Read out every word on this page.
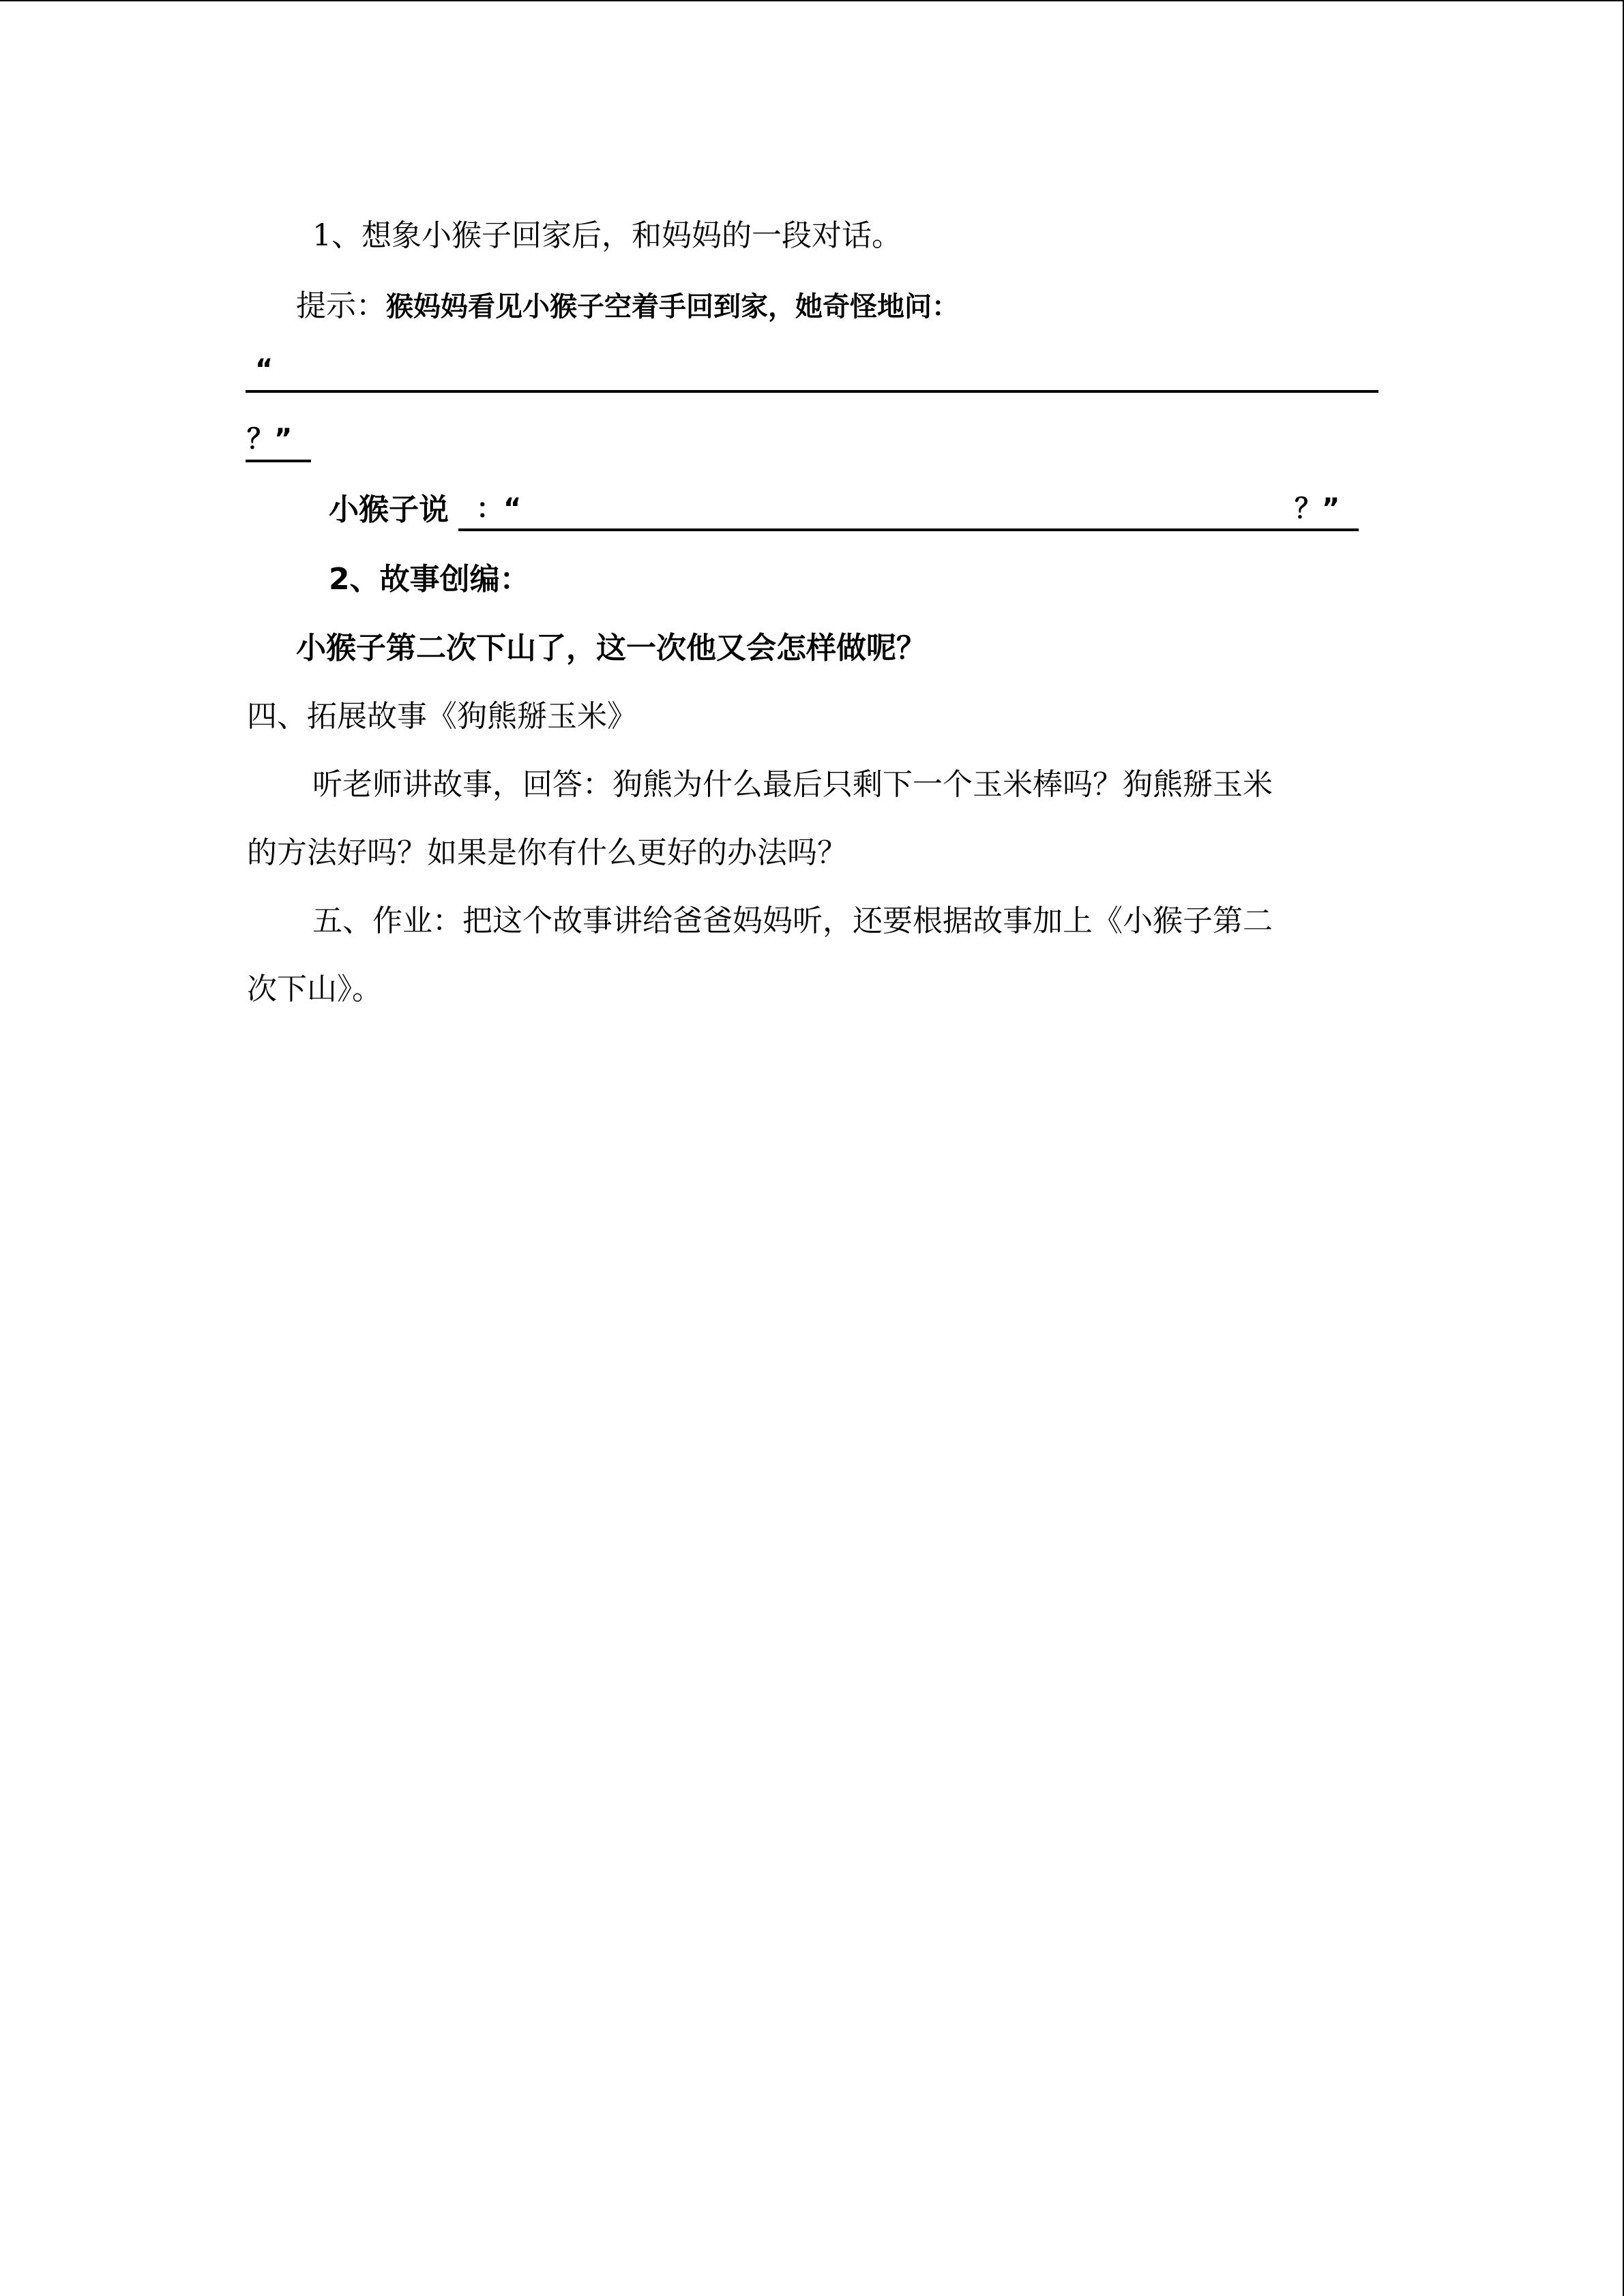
1、想象小猴子回家后，和妈妈的一段对话。
提示：猴妈妈看见小猴子空着手回到家，她奇怪地问：
“
？”
小猴子说 ：“	？”
2、故事创编：
小猴子第二次下山了，这一次他又会怎样做呢？
四、拓展故事《狗熊掰玉米》
听老师讲故事，回答：狗熊为什么最后只剩下一个玉米棒吗？狗熊掰玉米
的方法好吗？如果是你有什么更好的办法吗？
五、作业：把这个故事讲给爸爸妈妈听，还要根据故事加上《小猴子第二
次下山》。
